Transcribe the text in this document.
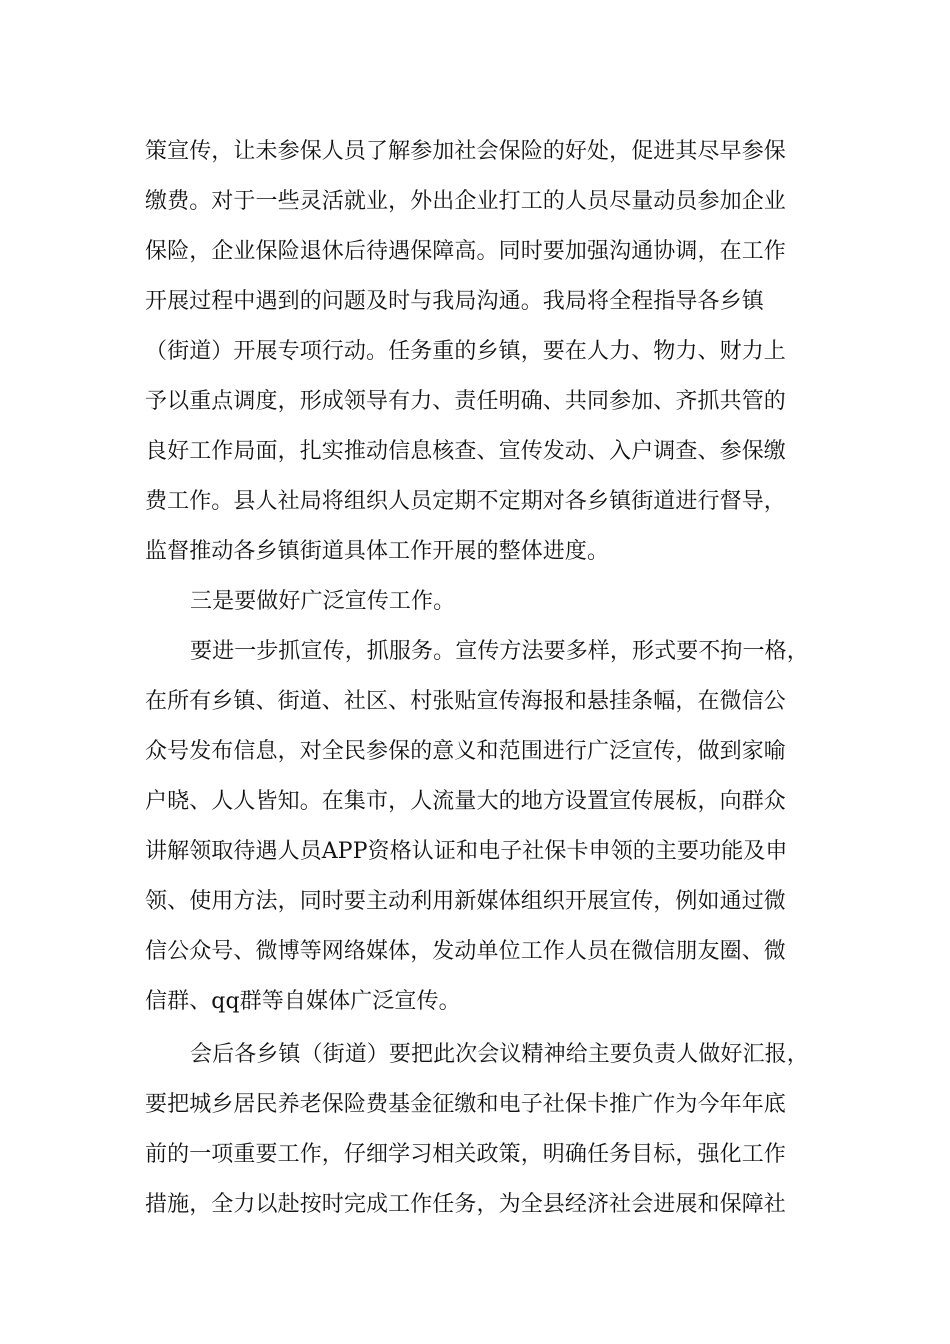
策宣传，让未参保人员了解参加社会保险的好处，促进其尽早参保
缴费。对于一些灵活就业，外出企业打工的人员尽量动员参加企业
保险，企业保险退休后待遇保障高。同时要加强沟通协调，在工作
开展过程中遇到的问题及时与我局沟通。我局将全程指导各乡镇
（街道）开展专项行动。任务重的乡镇，要在人力、物力、财力上
予以重点调度，形成领导有力、责任明确、共同参加、齐抓共管的
良好工作局面，扎实推动信息核查、宣传发动、入户调查、参保缴
费工作。县人社局将组织人员定期不定期对各乡镇街道进行督导，
监督推动各乡镇街道具体工作开展的整体进度。
三是要做好广泛宣传工作。
要进一步抓宣传，抓服务。宣传方法要多样，形式要不拘一格，
在所有乡镇、街道、社区、村张贴宣传海报和悬挂条幅，在微信公
众号发布信息，对全民参保的意义和范围进行广泛宣传，做到家喻
户晓、人人皆知。在集市，人流量大的地方设置宣传展板，向群众
讲解领取待遇人员APP资格认证和电子社保卡申领的主要功能及申
领、使用方法，同时要主动利用新媒体组织开展宣传，例如通过微
信公众号、微博等网络媒体，发动单位工作人员在微信朋友圈、微
信群、qq群等自媒体广泛宣传。
会后各乡镇（街道）要把此次会议精神给主要负责人做好汇报，
要把城乡居民养老保险费基金征缴和电子社保卡推广作为今年年底
前的一项重要工作，仔细学习相关政策，明确任务目标，强化工作
措施，全力以赴按时完成工作任务，为全县经济社会进展和保障社
